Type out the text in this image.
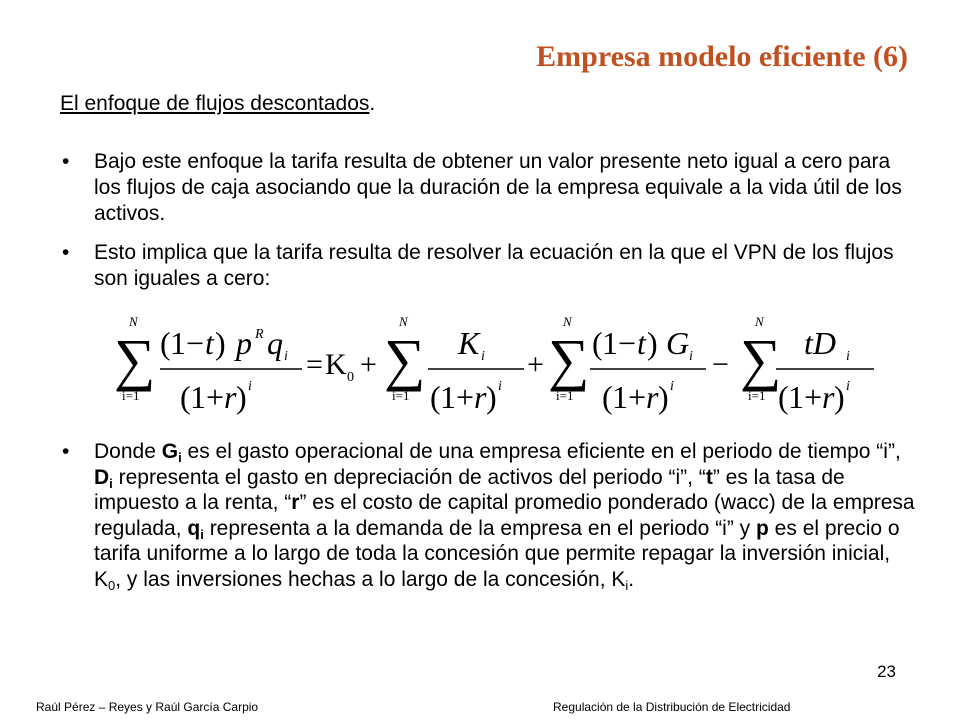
Empresa modelo eficiente (6)
El enfoque de flujos descontados.
• Bajo este enfoque la tarifa resulta de obtener un valor presente neto igual a cero para los flujos de caja asociando que la duración de la empresa equivale a la vida útil de los activos.
• Esto implica que la tarifa resulta de resolver la ecuación en la que el VPN de los flujos son iguales a cero:
N
∑
i=1
( 1 − t ) p q
R
i
( 1+ r ) i
= K 0 +
N
∑
i=1
K i
( 1+ r ) i
+
N
∑
i=1
( 1 − t ) G i
( 1+ r ) i
−
N
∑
i=1
tD i
( 1+ r ) i
• Donde $G_i$ es el gasto operacional de una empresa eficiente en el periodo de tiempo “i”, $D_i$ representa el gasto en depreciación de activos del periodo “i”, “t” es la tasa de impuesto a la renta, “r” es el costo de capital promedio ponderado (wacc) de la empresa regulada, $q_i$ representa a la demanda de la empresa en el periodo “i” y p es el precio o tarifa uniforme a lo largo de toda la concesión que permite repagar la inversión inicial, $K_0$, y las inversiones hechas a lo largo de la concesión, $K_i$.
23
Raúl Pérez – Reyes y Raúl García Carpio	Regulación de la Distribución de Electricidad
